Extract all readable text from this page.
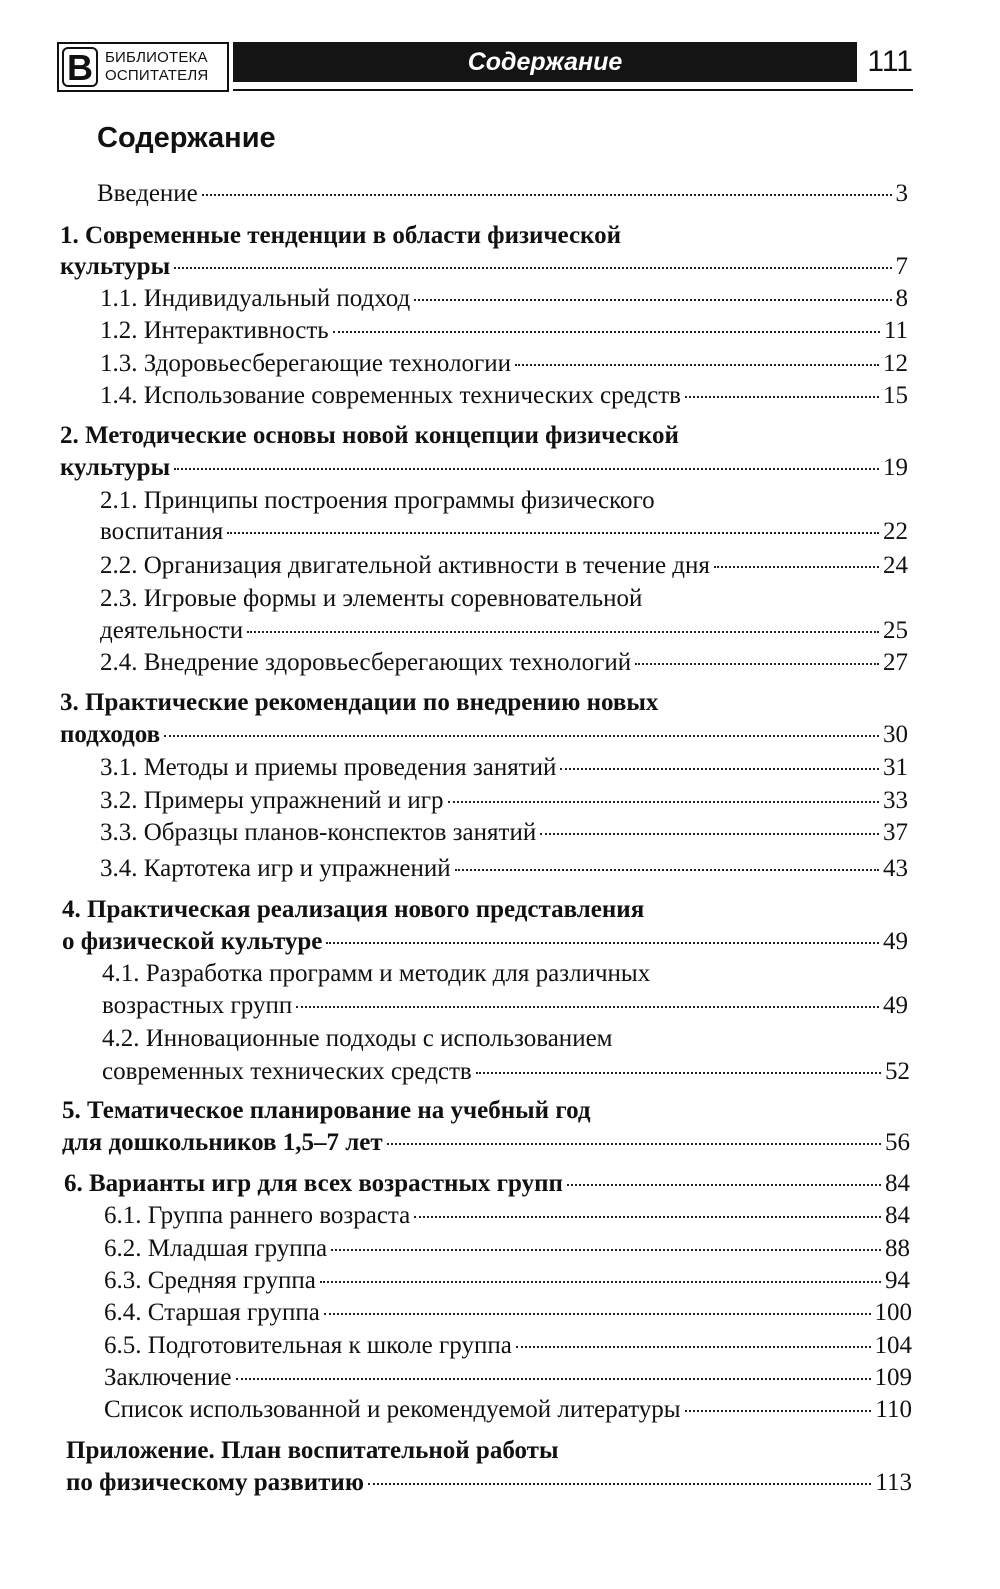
В БИБЛИОТЕКА
ОСПИТАТЕЛЯ	Содержание	111
Содержание
Введение	3
1. Современные тенденции в области физической
культуры	7
1.1. Индивидуальный подход	8
1.2. Интерактивность	11
1.3. Здоровьесберегающие технологии	12
1.4. Использование современных технических средств	15
2. Методические основы новой концепции физической
культуры	19
2.1. Принципы построения программы физического
воспитания	22
2.2. Организация двигательной активности в течение дня	24
2.3. Игровые формы и элементы соревновательной
деятельности	25
2.4. Внедрение здоровьесберегающих технологий	27
3. Практические рекомендации по внедрению новых
подходов	30
3.1. Методы и приемы проведения занятий	31
3.2. Примеры упражнений и игр	33
3.3. Образцы планов-конспектов занятий	37
3.4. Картотека игр и упражнений	43
4. Практическая реализация нового представления
о физической культуре	49
4.1. Разработка программ и методик для различных
возрастных групп	49
4.2. Инновационные подходы с использованием
современных технических средств	52
5. Тематическое планирование на учебный год
для дошкольников 1,5–7 лет	56
6. Варианты игр для всех возрастных групп	84
6.1. Группа раннего возраста	84
6.2. Младшая группа	88
6.3. Средняя группа	94
6.4. Старшая группа	100
6.5. Подготовительная к школе группа	104
Заключение	109
Список использованной и рекомендуемой литературы	110
Приложение. План воспитательной работы
по физическому развитию	113
